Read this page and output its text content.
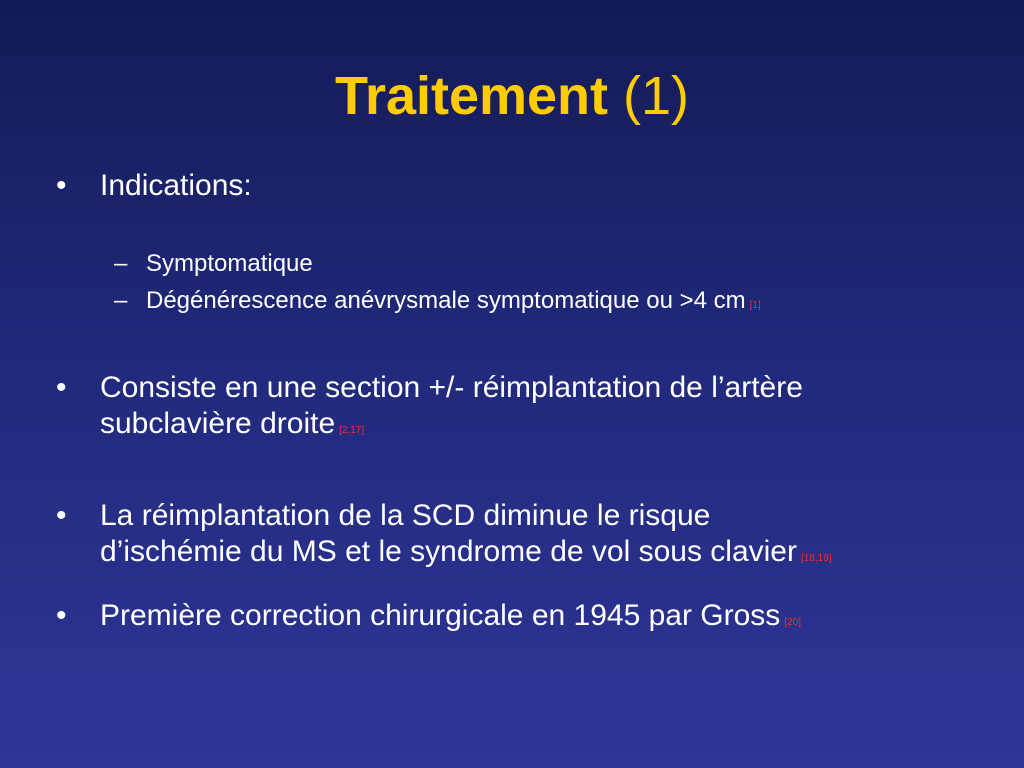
Traitement (1)
•	Indications:
– Symptomatique
– Dégénérescence anévrysmale symptomatique ou >4 cm [1]
•	Consiste en une section +/- réimplantation de l’artère
subclavière droite [2,17]
•	La réimplantation de la SCD diminue le risque
d’ischémie du MS et le syndrome de vol sous clavier [18,19]
•	Première correction chirurgicale en 1945 par Gross [20]
